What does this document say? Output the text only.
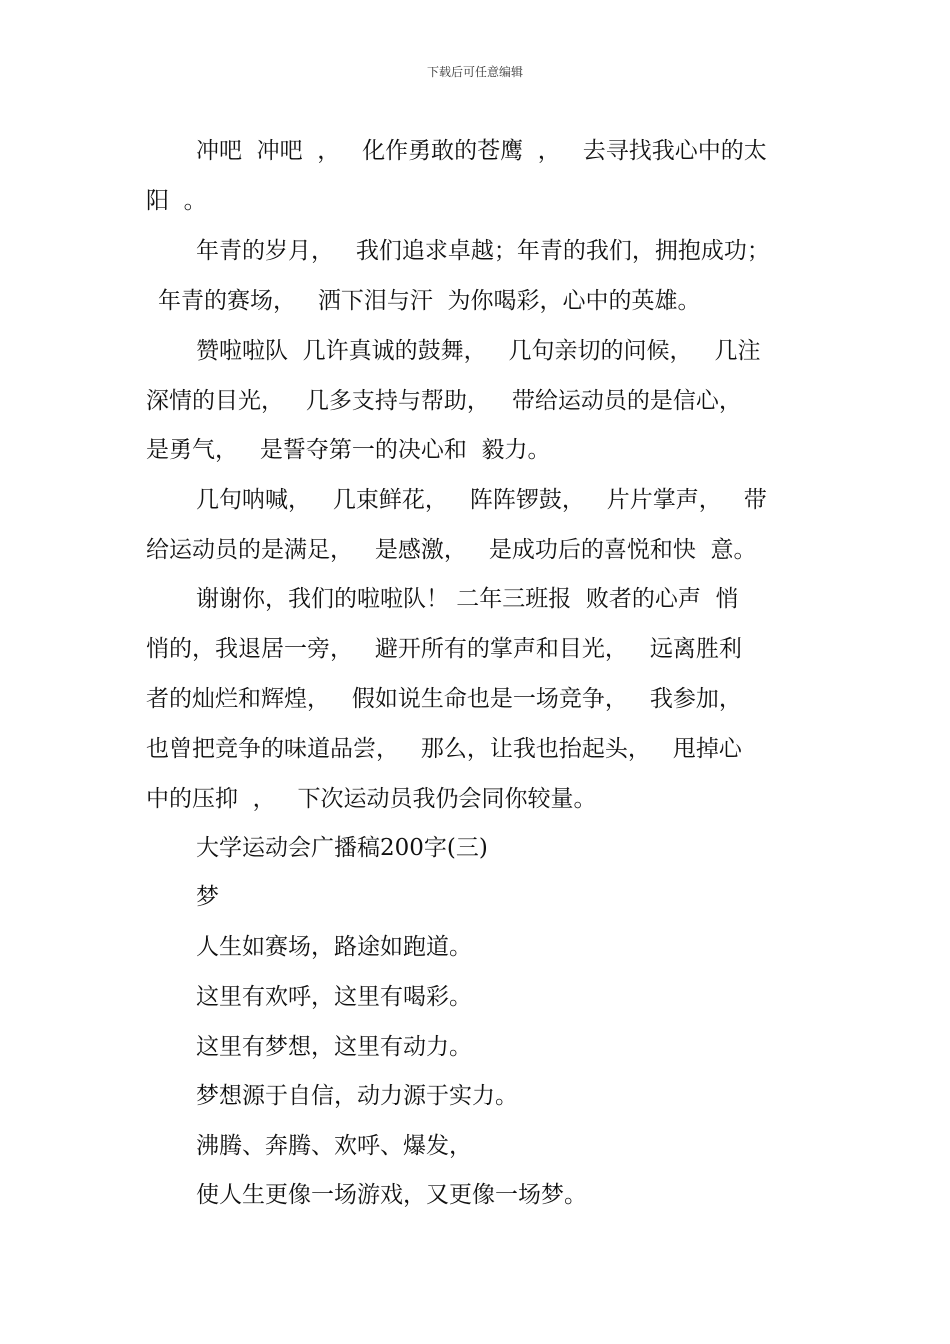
下载后可任意编辑
冲吧  冲吧  ，   化作勇敢的苍鹰  ，   去寻找我心中的太
阳  。
年青的岁月，   我们追求卓越；年青的我们，拥抱成功；
年青的赛场，   洒下泪与汗  为你喝彩，心中的英雄。
赞啦啦队  几许真诚的鼓舞，   几句亲切的问候，   几注
深情的目光，   几多支持与帮助，   带给运动员的是信心，
是勇气，   是誓夺第一的决心和  毅力。
几句呐喊，   几束鲜花，   阵阵锣鼓，   片片掌声，   带
给运动员的是满足，   是感激，   是成功后的喜悦和快  意。
谢谢你，我们的啦啦队！ 二年三班报  败者的心声  悄
悄的，我退居一旁，   避开所有的掌声和目光，   远离胜利
者的灿烂和辉煌，   假如说生命也是一场竞争，   我参加，
也曾把竞争的味道品尝，   那么，让我也抬起头，   甩掉心
中的压抑  ，   下次运动员我仍会同你较量。
大学运动会广播稿200字(三)
梦
人生如赛场，路途如跑道。
这里有欢呼，这里有喝彩。
这里有梦想，这里有动力。
梦想源于自信，动力源于实力。
沸腾、奔腾、欢呼、爆发，
使人生更像一场游戏，又更像一场梦。
